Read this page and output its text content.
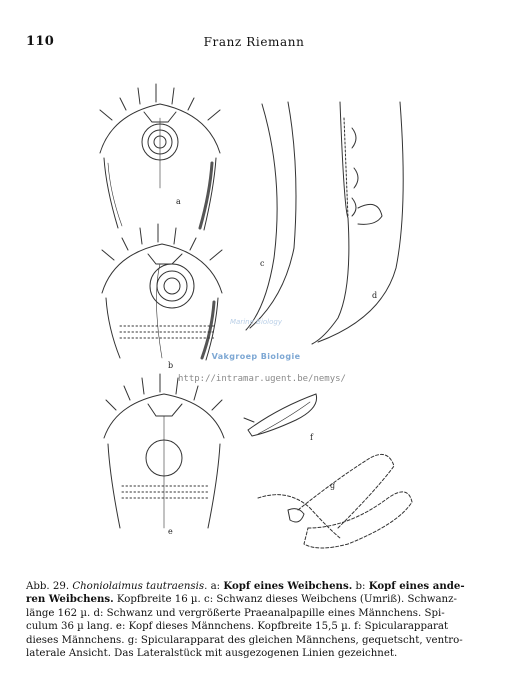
110	Franz Riemann
a
b
c
d
e
f
g
Marine Biology
Vakgroep Biologie
http://intramar.ugent.be/nemys/
Abb. 29. Choniolaimus tautraensis. a: Kopf eines Weibchens. b: Kopf eines ande-
ren Weibchens. Kopfbreite 16 µ. c: Schwanz dieses Weibchens (Umriß). Schwanz-
länge 162 µ. d: Schwanz und vergrößerte Praeanalpapille eines Männchens. Spi-
culum 36 µ lang. e: Kopf dieses Männchens. Kopfbreite 15,5 µ. f: Spicularapparat
dieses Männchens. g: Spicularapparat des gleichen Männchens, gequetscht, ventro-
laterale Ansicht. Das Lateralstück mit ausgezogenen Linien gezeichnet.
